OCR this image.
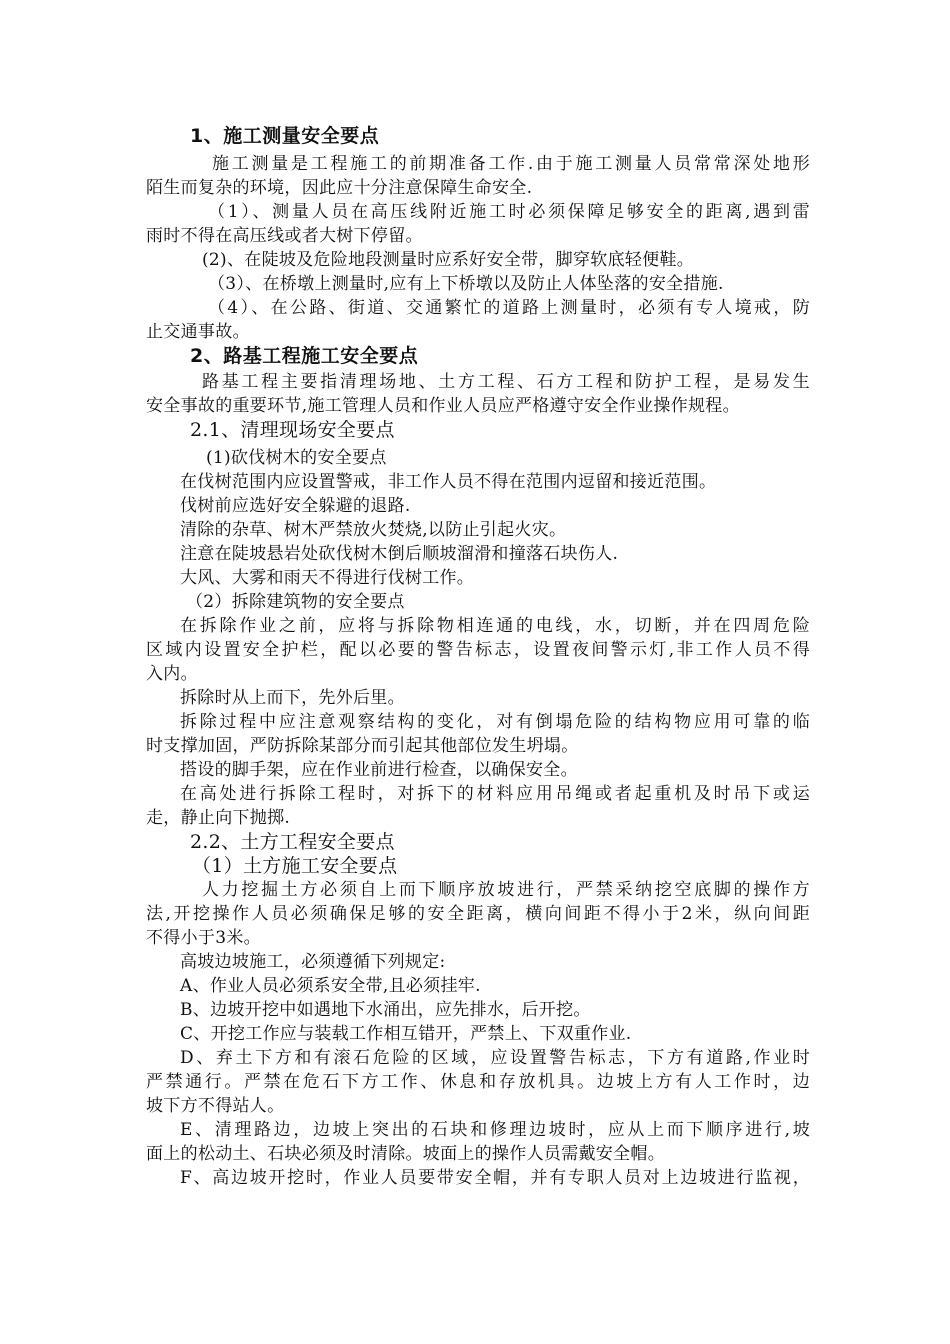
1、施工测量安全要点
施工测量是工程施工的前期准备工作.由于施工测量人员常常深处地形
陌生而复杂的环境，因此应十分注意保障生命安全.
（1）、测量人员在高压线附近施工时必须保障足够安全的距离,遇到雷
雨时不得在高压线或者大树下停留。
(2)、在陡坡及危险地段测量时应系好安全带，脚穿软底轻便鞋。
（3）、在桥墩上测量时,应有上下桥墩以及防止人体坠落的安全措施.
（4）、在公路、街道、交通繁忙的道路上测量时，必须有专人境戒，防
止交通事故。
2、路基工程施工安全要点
路基工程主要指清理场地、土方工程、石方工程和防护工程，是易发生
安全事故的重要环节,施工管理人员和作业人员应严格遵守安全作业操作规程。
2.1、清理现场安全要点
(1)砍伐树木的安全要点
在伐树范围内应设置警戒，非工作人员不得在范围内逗留和接近范围。
伐树前应选好安全躲避的退路.
清除的杂草、树木严禁放火焚烧,以防止引起火灾。
注意在陡坡悬岩处砍伐树木倒后顺坡溜滑和撞落石块伤人.
大风、大雾和雨天不得进行伐树工作。
（2）拆除建筑物的安全要点
在拆除作业之前，应将与拆除物相连通的电线，水，切断，并在四周危险
区域内设置安全护栏，配以必要的警告标志，设置夜间警示灯,非工作人员不得
入内。
拆除时从上而下，先外后里。
拆除过程中应注意观察结构的变化，对有倒塌危险的结构物应用可靠的临
时支撑加固，严防拆除某部分而引起其他部位发生坍塌。
搭设的脚手架，应在作业前进行检查，以确保安全。
在高处进行拆除工程时，对拆下的材料应用吊绳或者起重机及时吊下或运
走，静止向下抛掷.
2.2、土方工程安全要点
（1）土方施工安全要点
人力挖掘土方必须自上而下顺序放坡进行，严禁采纳挖空底脚的操作方
法,开挖操作人员必须确保足够的安全距离，横向间距不得小于2米，纵向间距
不得小于3米。
高坡边坡施工，必须遵循下列规定:
A、作业人员必须系安全带,且必须挂牢.
B、边坡开挖中如遇地下水涌出，应先排水，后开挖。
C、开挖工作应与装载工作相互错开，严禁上、下双重作业.
D、弃土下方和有滚石危险的区域，应设置警告标志，下方有道路,作业时
严禁通行。严禁在危石下方工作、休息和存放机具。边坡上方有人工作时，边
坡下方不得站人。
E、清理路边，边坡上突出的石块和修理边坡时，应从上而下顺序进行,坡
面上的松动土、石块必须及时清除。坡面上的操作人员需戴安全帽。
F、高边坡开挖时，作业人员要带安全帽，并有专职人员对上边坡进行监视，
